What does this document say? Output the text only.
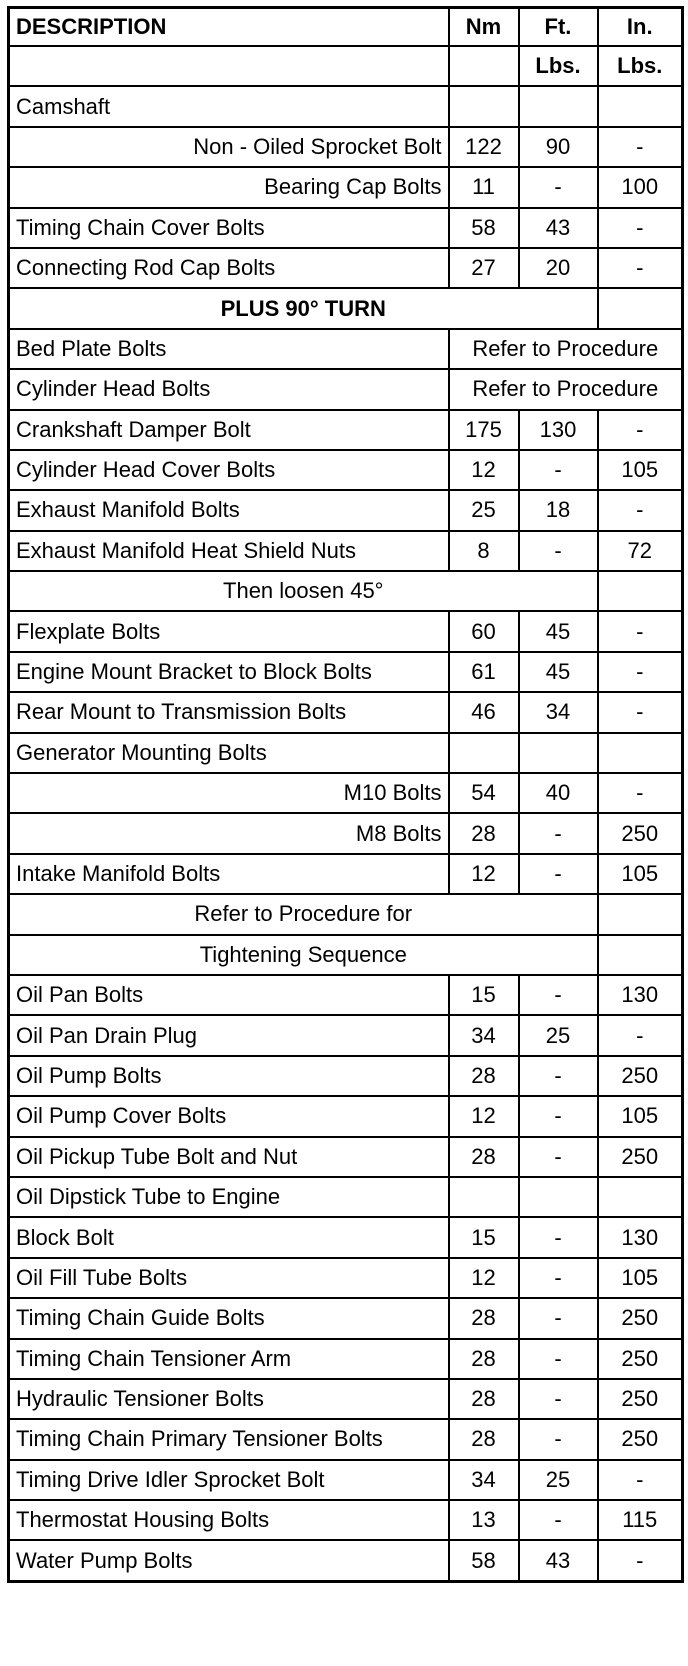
DESCRIPTION	Nm	Ft.	In.
		Lbs.	Lbs.
Camshaft			
Non - Oiled Sprocket Bolt	122	90	-
Bearing Cap Bolts	11	-	100
Timing Chain Cover Bolts	58	43	-
Connecting Rod Cap Bolts	27	20	-
PLUS 90° TURN			
Bed Plate Bolts	Refer to Procedure		
Cylinder Head Bolts	Refer to Procedure		
Crankshaft Damper Bolt	175	130	-
Cylinder Head Cover Bolts	12	-	105
Exhaust Manifold Bolts	25	18	-
Exhaust Manifold Heat Shield Nuts	8	-	72
Then loosen 45°			
Flexplate Bolts	60	45	-
Engine Mount Bracket to Block Bolts	61	45	-
Rear Mount to Transmission Bolts	46	34	-
Generator Mounting Bolts			
M10 Bolts	54	40	-
M8 Bolts	28	-	250
Intake Manifold Bolts	12	-	105
Refer to Procedure for			
Tightening Sequence			
Oil Pan Bolts	15	-	130
Oil Pan Drain Plug	34	25	-
Oil Pump Bolts	28	-	250
Oil Pump Cover Bolts	12	-	105
Oil Pickup Tube Bolt and Nut	28	-	250
Oil Dipstick Tube to Engine			
Block Bolt	15	-	130
Oil Fill Tube Bolts	12	-	105
Timing Chain Guide Bolts	28	-	250
Timing Chain Tensioner Arm	28	-	250
Hydraulic Tensioner Bolts	28	-	250
Timing Chain Primary Tensioner Bolts	28	-	250
Timing Drive Idler Sprocket Bolt	34	25	-
Thermostat Housing Bolts	13	-	115
Water Pump Bolts	58	43	-
